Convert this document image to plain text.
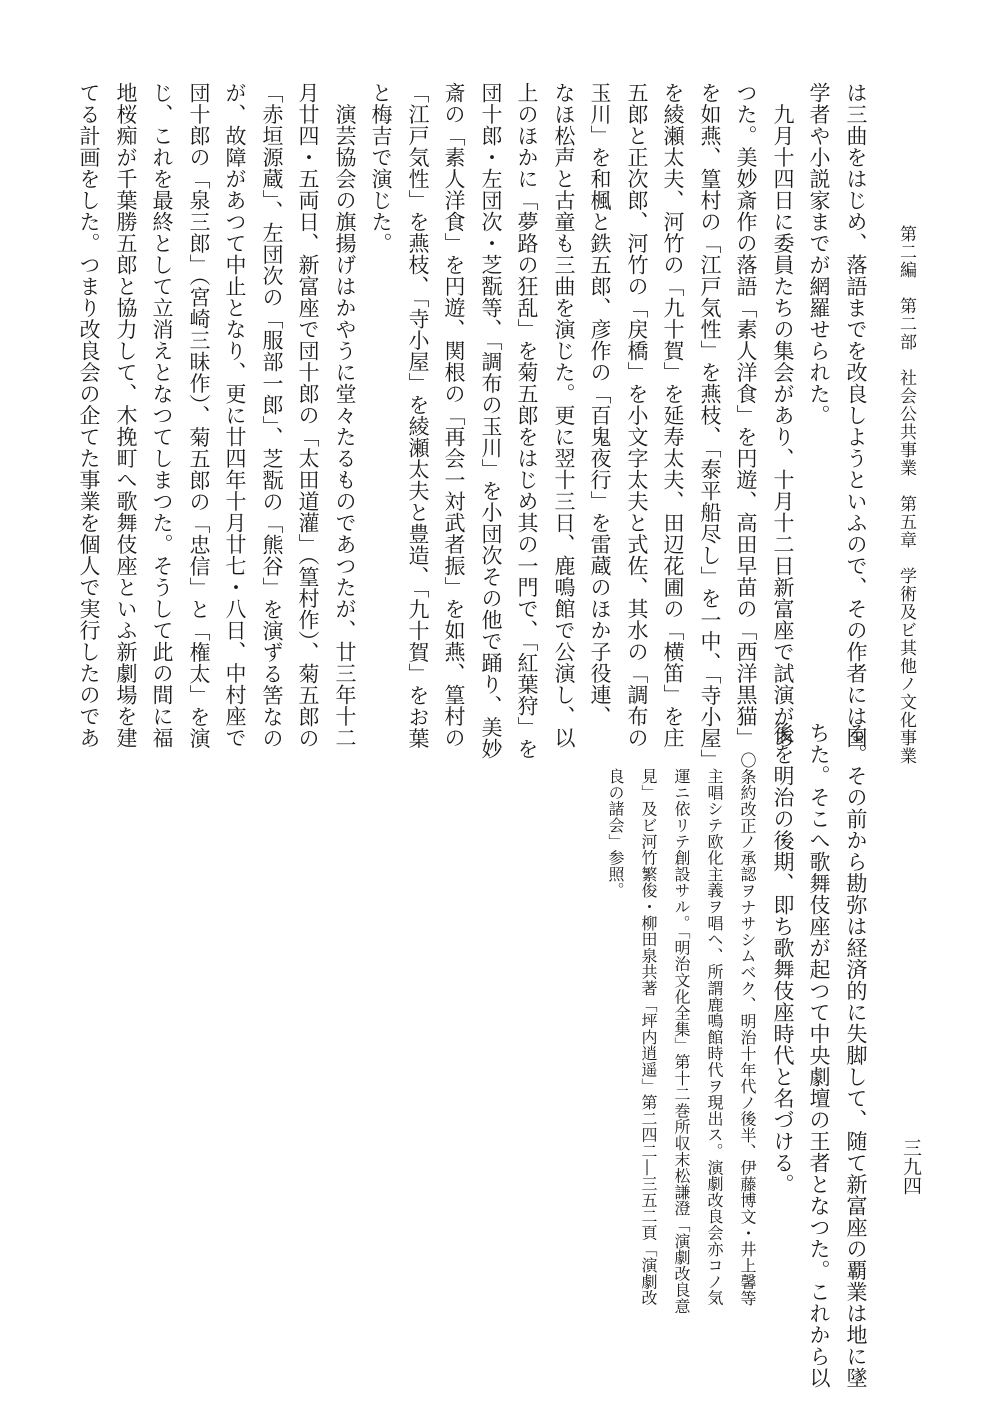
第二編　第二部　社会公共事業　第五章　学術及ビ其他ノ文化事業
三九四
は三曲をはじめ、落語までを改良しようといふので、その作者には国
学者や小説家までが網羅せられた。
　九月十四日に委員たちの集会があり、十月十二日新富座で試演があ
つた。美妙斎作の落語「素人洋食」を円遊、高田早苗の「西洋黒猫」
を如燕、篁村の「江戸気性」を燕枝、「泰平船尽し」を一中、「寺小屋」
を綾瀬太夫、河竹の「九十賀」を延寿太夫、田辺花圃の「横笛」を庄
五郎と正次郎、河竹の「戻橋」を小文字太夫と式佐、其水の「調布の
玉川」を和楓と鉄五郎、彦作の「百鬼夜行」を雷蔵のほか子役連、
なほ松声と古童も三曲を演じた。更に翌十三日、鹿鳴館で公演し、以
上のほかに「夢路の狂乱」を菊五郎をはじめ其の一門で、「紅葉狩」を
団十郎・左団次・芝翫等、「調布の玉川」を小団次その他で踊り、美妙
斎の「素人洋食」を円遊、関根の「再会一対武者振」を如燕、篁村の
「江戸気性」を燕枝、「寺小屋」を綾瀬太夫と豊造、「九十賀」をお葉
と梅吉で演じた。
　演芸協会の旗揚げはかやうに堂々たるものであつたが、廿三年十二
月廿四・五両日、新富座で団十郎の「太田道灌」（篁村作）、菊五郎の
「赤垣源蔵」、左団次の「服部一郎」、芝翫の「熊谷」を演ずる筈なの
が、故障があつて中止となり、更に廿四年十月廿七・八日、中村座で
団十郎の「泉三郎」（宮崎三昧作）、菊五郎の「忠信」と「権太」を演
じ、これを最終として立消えとなつてしまつた。そうして此の間に福
地桜痴が千葉勝五郎と協力して、木挽町へ歌舞伎座といふ新劇場を建
てる計画をした。つまり改良会の企てた事業を個人で実行したのであ
る。その前から勘弥は経済的に失脚して、随て新富座の覇業は地に墜
ちた。そこへ歌舞伎座が起つて中央劇壇の王者となつた。これから以
後を明治の後期、即ち歌舞伎座時代と名づける。
〇条約改正ノ承認ヲナサシムベク、明治十年代ノ後半、伊藤博文・井上馨等
主唱シテ欧化主義ヲ唱ヘ、所謂鹿鳴館時代ヲ現出ス。演劇改良会亦コノ気
運ニ依リテ創設サル。「明治文化全集」第十二巻所収末松謙澄「演劇改良意
見」及ビ河竹繁俊・柳田泉共著「坪内逍遥」第二四二―三五二頁「演劇改
良の諸会」参照。
